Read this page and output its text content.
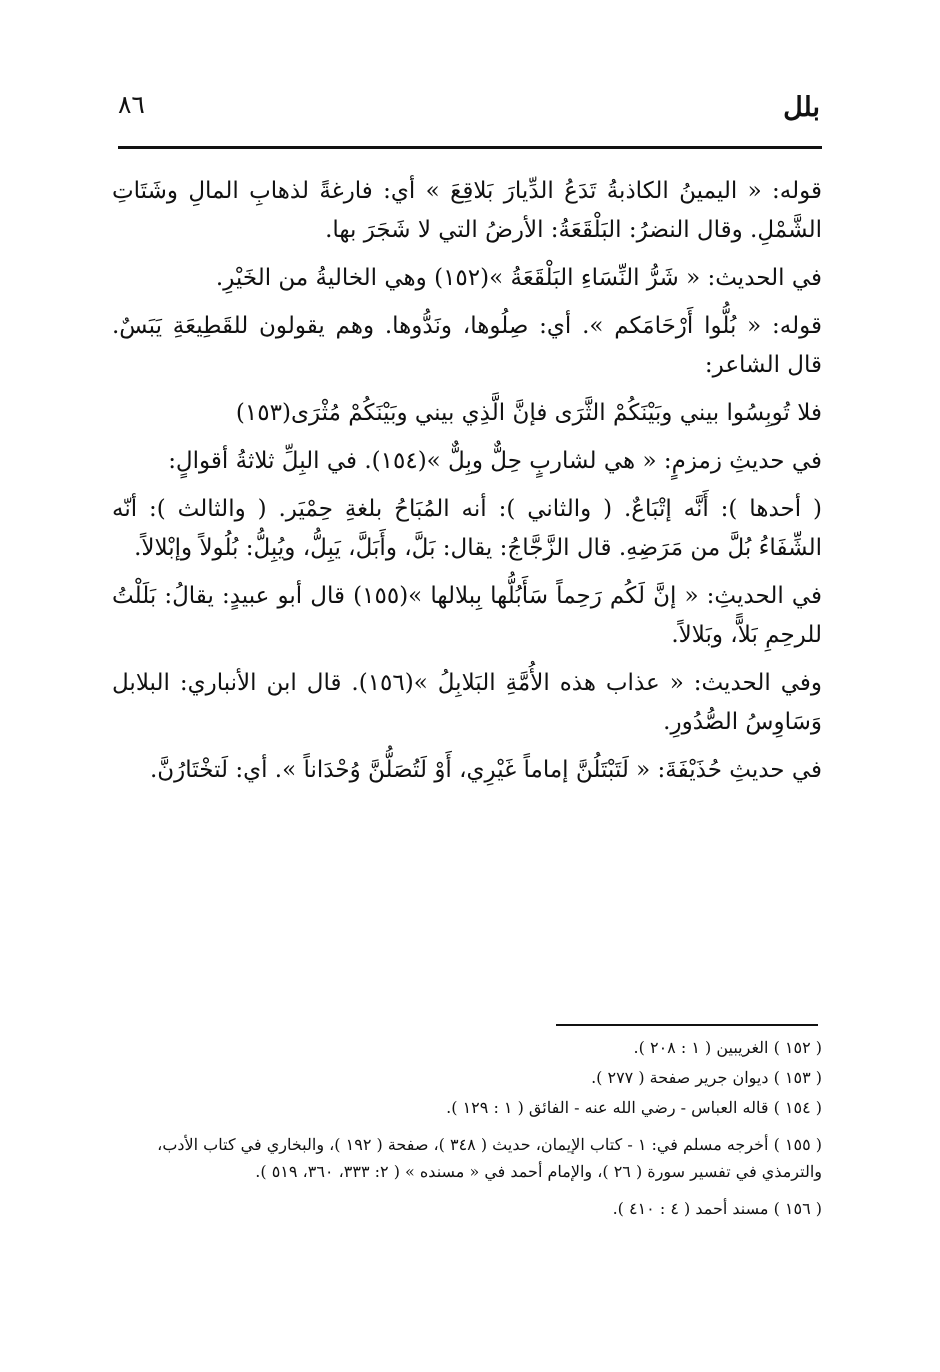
بلل
٨٦

قوله: « اليمينُ الكاذبةُ تَدَعُ الدِّيارَ بَلاقِعَ » أي: فارغةً لذهابِ المالِ وشَتَاتِ الشَّمْلِ. وقال النضرُ: البَلْقَعَةُ: الأرضُ التي لا شَجَرَ بها.

في الحديث: « شَرُّ النِّسَاءِ البَلْقَعَةُ »(١٥٢) وهي الخاليةُ من الخَيْرِ.

قوله: « بُلُّوا أَرْحَامَكم ». أي: صِلُوها، ونَدُّوها. وهم يقولون للقَطِيعَةِ يَبَسٌ. قال الشاعر:

فلا تُوبِسُوا بيني وبَيْنَكُمْ الثَّرَى فإنَّ الَّذِي بيني وبَيْنَكُمْ مُثْرَى(١٥٣)

في حديثِ زمزمٍ: « هي لشاربٍ حِلٌّ وبِلٌّ »(١٥٤). في البِلِّ ثلاثةُ أقوالٍ:

( أحدها ): أَنَّه إتْبَاعٌ. ( والثاني ): أنه المُبَاحُ بلغةِ حِمْيَر. ( والثالث ): أنّه الشِّفَاءُ بُلَّ من مَرَضِهِ. قال الزَّجَّاجُ: يقال: بَلَّ، وأَبَلَّ، يَبِلُّ، ويُبِلُّ: بُلُولاً وإبْلالاً.

في الحديثِ: « إنَّ لَكُم رَحِماً سَأَبُلُّها بِبلالها »(١٥٥) قال أبو عبيدٍ: يقالُ: بَلَلْتُ للرحِمِ بَلاًّ، وبَلالاً.

وفي الحديث: « عذاب هذه الأُمَّةِ البَلابِلُ »(١٥٦). قال ابن الأنباري: البلابل وَسَاوِسُ الصُّدُورِ.

في حديثِ حُذَيْفَةَ: « لَتَبْتَلُنَّ إماماً غَيْرِي، أَوْ لَتُصَلُّنَّ وُحْدَاناً ». أي: لَتخْتَارُنَّ.

( ١٥٢ ) الغريبين ( ١ : ٢٠٨ ).

( ١٥٣ ) ديوان جرير صفحة ( ٢٧٧ ).

( ١٥٤ ) قاله العباس - رضي الله عنه - الفائق ( ١ : ١٢٩ ).

( ١٥٥ ) أخرجه مسلم في: ١ - كتاب الإيمان، حديث ( ٣٤٨ )، صفحة ( ١٩٢ )، والبخاري في كتاب الأدب، والترمذي في تفسير سورة ( ٢٦ )، والإمام أحمد في « مسنده » ( ٢: ٣٣٣، ٣٦٠، ٥١٩ ).

( ١٥٦ ) مسند أحمد ( ٤ : ٤١٠ ).
